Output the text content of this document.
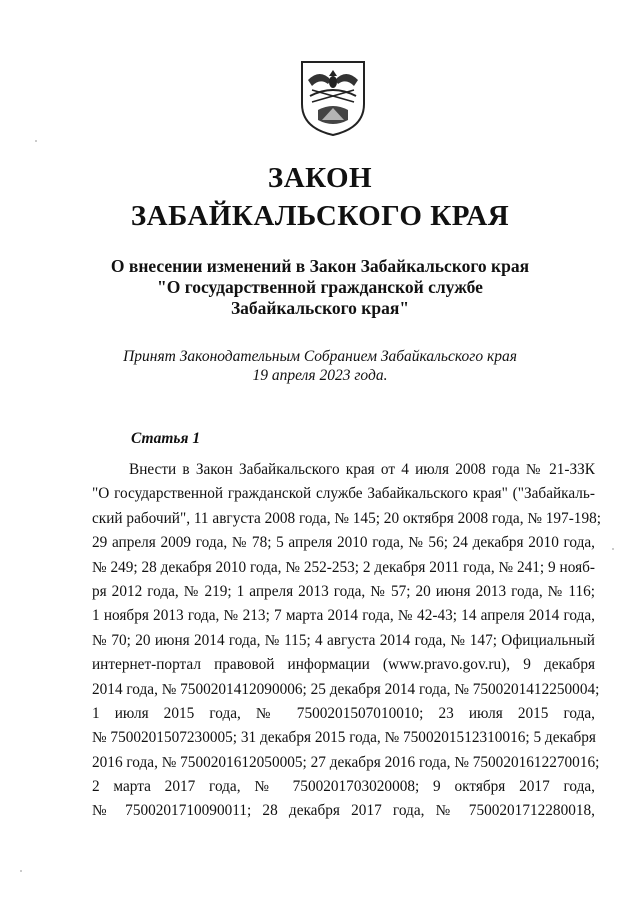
ЗАКОН
ЗАБАЙКАЛЬСКОГО КРАЯ
О внесении изменений в Закон Забайкальского края
"О государственной гражданской службе
Забайкальского края"
Принят Законодательным Собранием Забайкальского края
19 апреля 2023 года.
Статья 1
Внести в Закон Забайкальского края от 4 июля 2008 года № 21-ЗЗК
"О государственной гражданской службе Забайкальского края" ("Забайкаль-
ский рабочий", 11 августа 2008 года, № 145; 20 октября 2008 года, № 197-198;
29 апреля 2009 года, № 78; 5 апреля 2010 года, № 56; 24 декабря 2010 года,
№ 249; 28 декабря 2010 года, № 252-253; 2 декабря 2011 года, № 241; 9 нояб-
ря 2012 года, № 219; 1 апреля 2013 года, № 57; 20 июня 2013 года, № 116;
1 ноября 2013 года, № 213; 7 марта 2014 года, № 42-43; 14 апреля 2014 года,
№ 70; 20 июня 2014 года, № 115; 4 августа 2014 года, № 147; Официальный
интернет-портал правовой информации (www.pravo.gov.ru), 9 декабря
2014 года, № 7500201412090006; 25 декабря 2014 года, № 7500201412250004;
1 июля 2015 года, № 7500201507010010; 23 июля 2015 года,
№ 7500201507230005; 31 декабря 2015 года, № 7500201512310016; 5 декабря
2016 года, № 7500201612050005; 27 декабря 2016 года, № 7500201612270016;
2 марта 2017 года, № 7500201703020008; 9 октября 2017 года,
№ 7500201710090011; 28 декабря 2017 года, № 7500201712280018,
